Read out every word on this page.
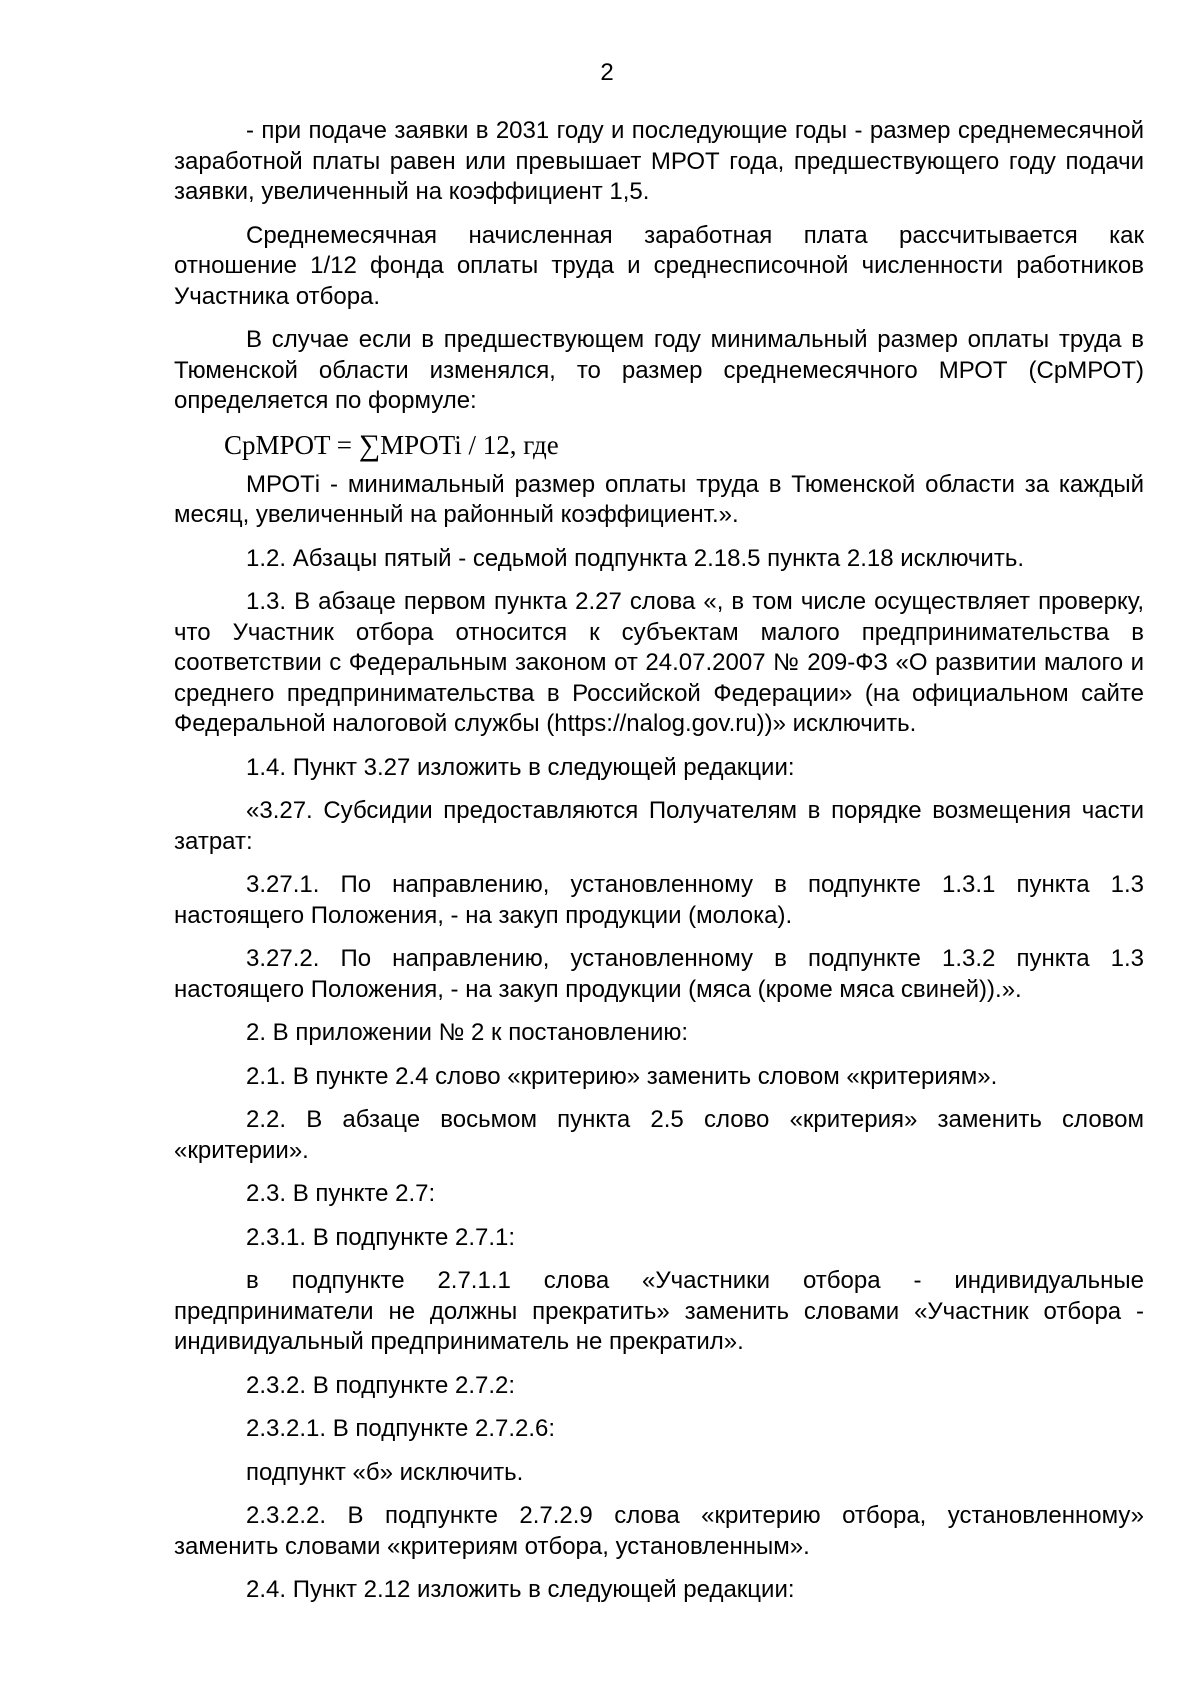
2

- при подаче заявки в 2031 году и последующие годы - размер среднемесячной заработной платы равен или превышает МРОТ года, предшествующего году подачи заявки, увеличенный на коэффициент 1,5.

Среднемесячная начисленная заработная плата рассчитывается как отношение 1/12 фонда оплаты труда и среднесписочной численности работников Участника отбора.

В случае если в предшествующем году минимальный размер оплаты труда в Тюменской области изменялся, то размер среднемесячного МРОТ (СрМРОТ) определяется по формуле:

CpMPOT = ∑MPOTi / 12, где

МРОТi - минимальный размер оплаты труда в Тюменской области за каждый месяц, увеличенный на районный коэффициент.».

1.2. Абзацы пятый - седьмой подпункта 2.18.5 пункта 2.18 исключить.

1.3. В абзаце первом пункта 2.27 слова «, в том числе осуществляет проверку, что Участник отбора относится к субъектам малого предпринимательства в соответствии с Федеральным законом от 24.07.2007 № 209-ФЗ «О развитии малого и среднего предпринимательства в Российской Федерации» (на официальном сайте Федеральной налоговой службы (https://nalog.gov.ru))» исключить.

1.4. Пункт 3.27 изложить в следующей редакции:

«3.27. Субсидии предоставляются Получателям в порядке возмещения части затрат:

3.27.1. По направлению, установленному в подпункте 1.3.1 пункта 1.3 настоящего Положения, - на закуп продукции (молока).

3.27.2. По направлению, установленному в подпункте 1.3.2 пункта 1.3 настоящего Положения, - на закуп продукции (мяса (кроме мяса свиней)).».

2. В приложении № 2 к постановлению:

2.1. В пункте 2.4 слово «критерию» заменить словом «критериям».

2.2. В абзаце восьмом пункта 2.5 слово «критерия» заменить словом «критерии».

2.3. В пункте 2.7:

2.3.1. В подпункте 2.7.1:

в подпункте 2.7.1.1 слова «Участники отбора - индивидуальные предприниматели не должны прекратить» заменить словами «Участник отбора - индивидуальный предприниматель не прекратил».

2.3.2. В подпункте 2.7.2:

2.3.2.1. В подпункте 2.7.2.6:

подпункт «б» исключить.

2.3.2.2. В подпункте 2.7.2.9 слова «критерию отбора, установленному» заменить словами «критериям отбора, установленным».

2.4. Пункт 2.12 изложить в следующей редакции:
